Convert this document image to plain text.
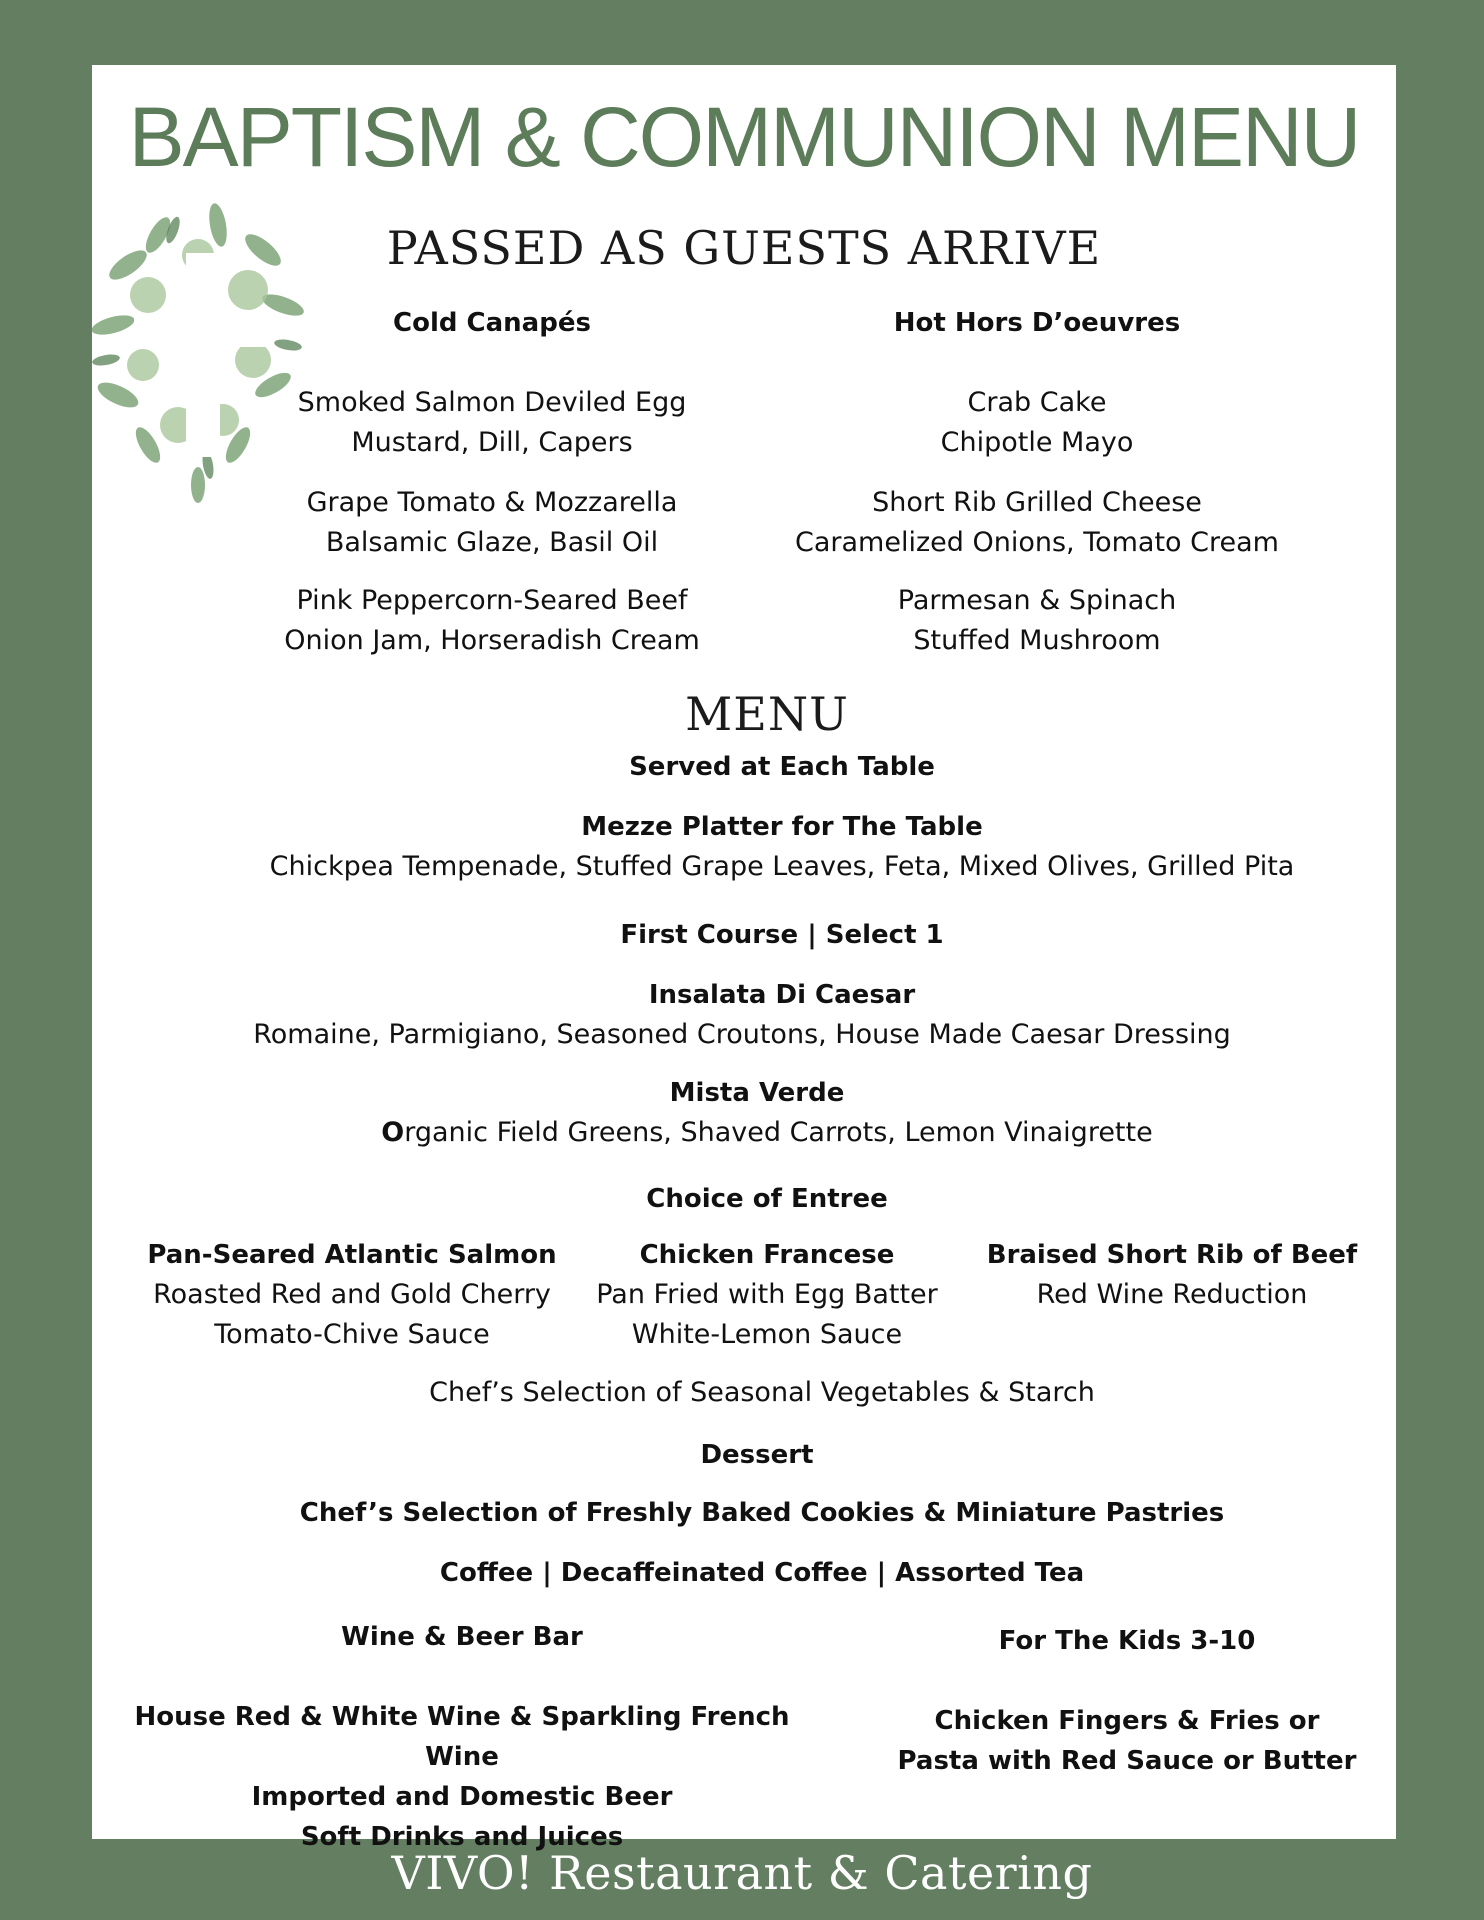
BAPTISM & COMMUNION MENU
PASSED AS GUESTS ARRIVE
Cold Canapés	Hot Hors D’oeuvres
Smoked Salmon Deviled Egg
Mustard, Dill, Capers
Grape Tomato & Mozzarella
Balsamic Glaze, Basil Oil
Pink Peppercorn-Seared Beef
Onion Jam, Horseradish Cream
Crab Cake
Chipotle Mayo
Short Rib Grilled Cheese
Caramelized Onions, Tomato Cream
Parmesan & Spinach
Stuffed Mushroom
MENU
Served at Each Table
Mezze Platter for The Table
Chickpea Tempenade, Stuffed Grape Leaves, Feta, Mixed Olives, Grilled Pita
First Course | Select 1
Insalata Di Caesar
Romaine, Parmigiano, Seasoned Croutons, House Made Caesar Dressing
Mista Verde
Organic Field Greens, Shaved Carrots, Lemon Vinaigrette
Choice of Entree
Pan-Seared Atlantic Salmon
Roasted Red and Gold Cherry
Tomato-Chive Sauce
Chicken Francese
Pan Fried with Egg Batter
White-Lemon Sauce
Braised Short Rib of Beef
Red Wine Reduction
Chef’s Selection of Seasonal Vegetables & Starch
Dessert
Chef’s Selection of Freshly Baked Cookies & Miniature Pastries
Coffee | Decaffeinated Coffee | Assorted Tea
Wine & Beer Bar
House Red & White Wine & Sparkling French Wine
Imported and Domestic Beer
Soft Drinks and Juices
For The Kids 3-10
Chicken Fingers & Fries or
Pasta with Red Sauce or Butter
VIVO! Restaurant & Catering
